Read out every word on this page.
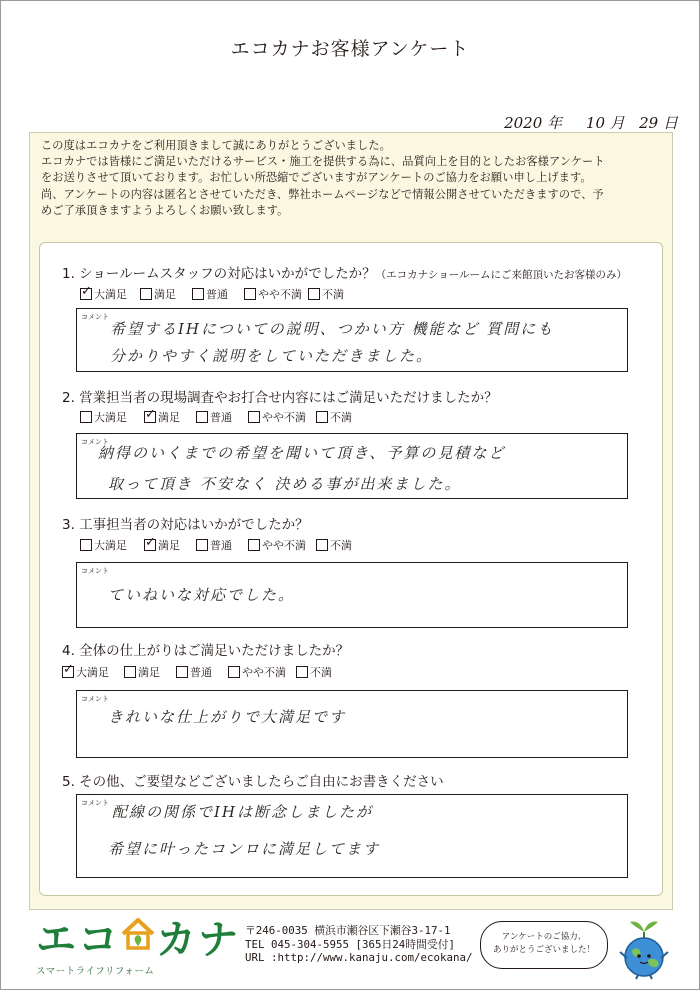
エコカナお客様アンケート
2020 年 10 月 29 日

この度はエコカナをご利用頂きまして誠にありがとうございました。

エコカナでは皆様にご満足いただけるサービス・施工を提供する為に、品質向上を目的としたお客様アンケート

をお送りさせて頂いております。お忙しい所恐縮でございますがアンケートのご協力をお願い申し上げます。

尚、アンケートの内容は匿名とさせていただき、弊社ホームページなどで情報公開させていただきますので、予

めご了承頂きますようよろしくお願い致します。

1. ショールームスタッフの対応はいかがでしたか？（エコカナショールームにご来館頂いたお客様のみ）
✓
大満足 満足	普通	やや不満 不満
コメント
希望するIHについての説明、つかい方 機能など 質問にも
分かりやすく説明をしていただきました。
2. 営業担当者の現場調査やお打合せ内容にはご満足いただけましたか？
大満足 ✓	満足	普通	やや不満 不満
コメント
納得のいくまでの希望を聞いて頂き、予算の見積など
取って頂き 不安なく 決める事が出来ました。
3. 工事担当者の対応はいかがでしたか？
大満足 ✓	満足	普通	やや不満 不満
コメント
ていねいな対応でした。
4. 全体の仕上がりはご満足いただけましたか？
✓
大満足	満足	普通	やや不満 不満
コメント
きれいな仕上がりで大満足です
5. その他、ご要望などございましたらご自由にお書きください
コメント 配線の関係でIHは断念しましたが
希望に叶ったコンロに満足してます
エコ カナ
スマートライフリフォーム
〒246-0035 横浜市瀬谷区下瀬谷3-17-1
TEL 045-304-5955 [365日24時間受付]
URL :http://www.kanaju.com/ecokana/
アンケートのご協力、
ありがとうございました！
